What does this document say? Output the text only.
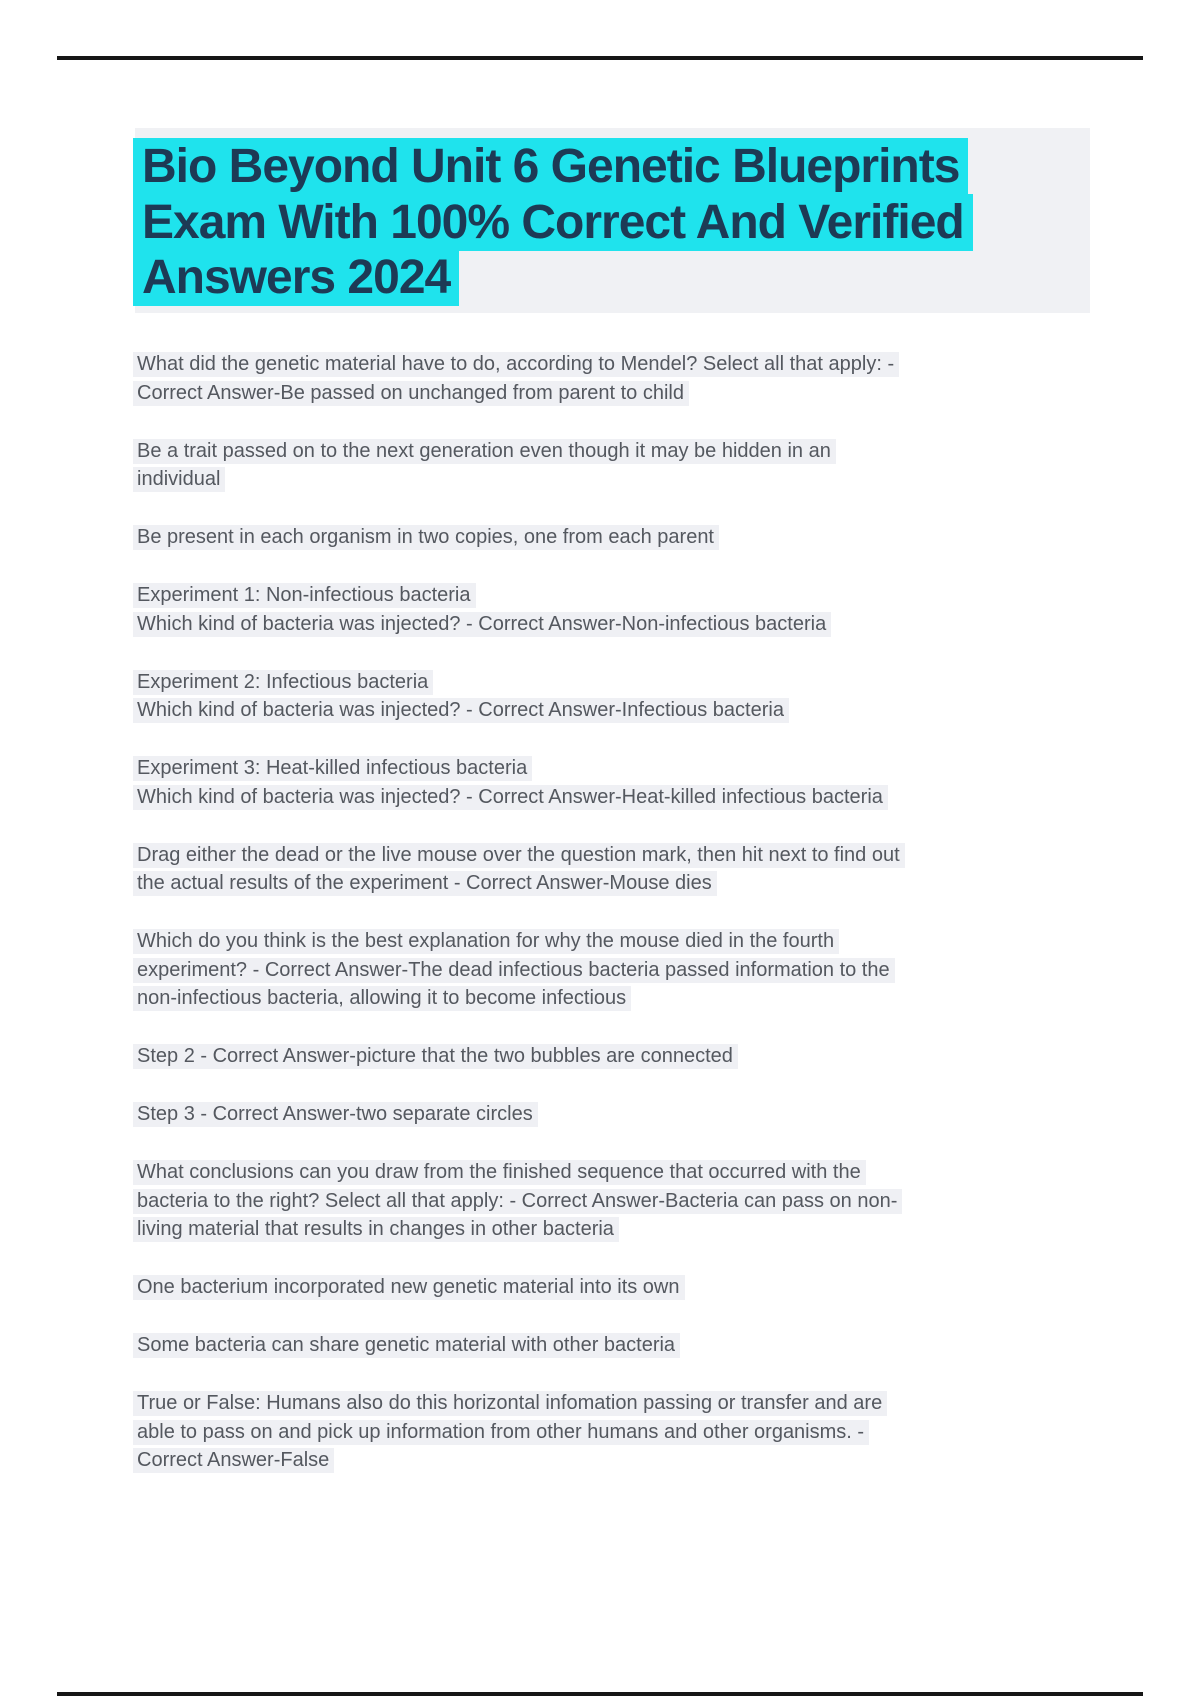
Bio Beyond Unit 6 Genetic Blueprints
Exam With 100% Correct And Verified
Answers 2024
What did the genetic material have to do, according to Mendel? Select all that apply: -
Correct Answer-Be passed on unchanged from parent to child
Be a trait passed on to the next generation even though it may be hidden in an
individual
Be present in each organism in two copies, one from each parent
Experiment 1: Non-infectious bacteria
Which kind of bacteria was injected? - Correct Answer-Non-infectious bacteria
Experiment 2: Infectious bacteria
Which kind of bacteria was injected? - Correct Answer-Infectious bacteria
Experiment 3: Heat-killed infectious bacteria
Which kind of bacteria was injected? - Correct Answer-Heat-killed infectious bacteria
Drag either the dead or the live mouse over the question mark, then hit next to find out
the actual results of the experiment - Correct Answer-Mouse dies
Which do you think is the best explanation for why the mouse died in the fourth
experiment? - Correct Answer-The dead infectious bacteria passed information to the
non-infectious bacteria, allowing it to become infectious
Step 2 - Correct Answer-picture that the two bubbles are connected
Step 3 - Correct Answer-two separate circles
What conclusions can you draw from the finished sequence that occurred with the
bacteria to the right? Select all that apply: - Correct Answer-Bacteria can pass on non-
living material that results in changes in other bacteria
One bacterium incorporated new genetic material into its own
Some bacteria can share genetic material with other bacteria
True or False: Humans also do this horizontal infomation passing or transfer and are
able to pass on and pick up information from other humans and other organisms. -
Correct Answer-False
